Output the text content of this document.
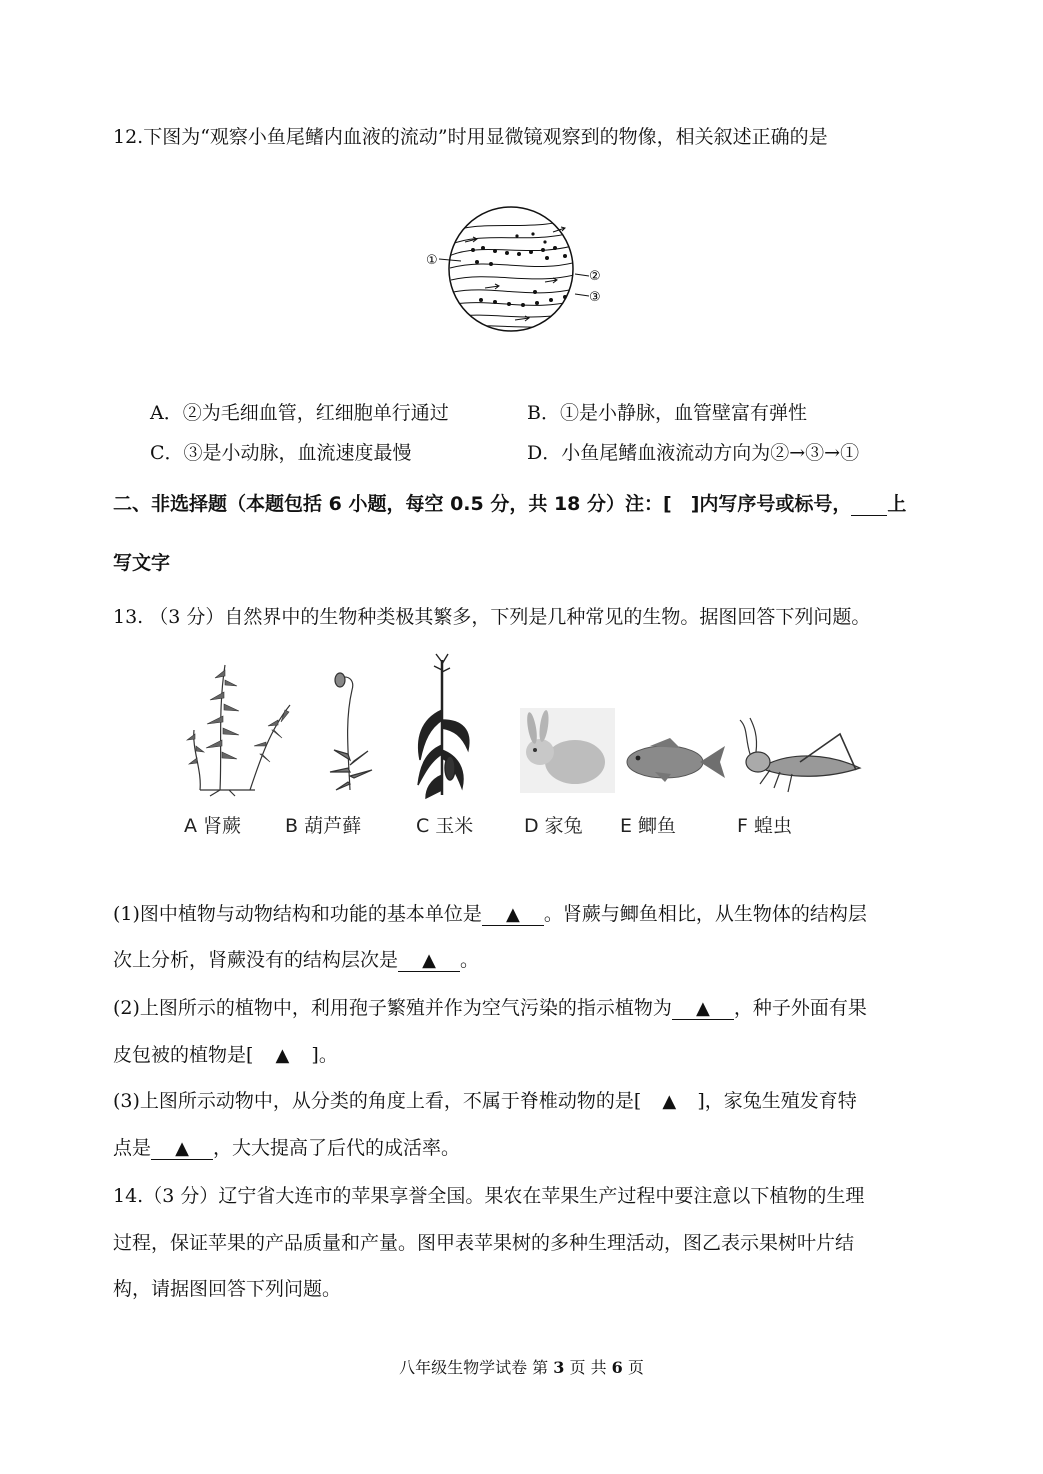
12.下图为“观察小鱼尾鳍内血液的流动”时用显微镜观察到的物像，相关叙述正确的是
①
②
③
A．②为毛细血管，红细胞单行通过	B．①是小静脉，血管壁富有弹性
C．③是小动脉，血流速度最慢	D．小鱼尾鳍血液流动方向为②→③→①
二、非选择题（本题包括 6 小题，每空 0.5 分，共 18 分）注：[　]内写序号或标号， 上
写文字
13. （3 分）自然界中的生物种类极其繁多，下列是几种常见的生物。据图回答下列问题。
A 肾蕨 B 葫芦藓	C 玉米	D 家兔 E 鲫鱼	F 蝗虫
(1)图中植物与动物结构和功能的基本单位是 ▲ 。肾蕨与鲫鱼相比，从生物体的结构层
次上分析，肾蕨没有的结构层次是 ▲ 。
(2)上图所示的植物中，利用孢子繁殖并作为空气污染的指示植物为 ▲ ，种子外面有果
皮包被的植物是[ ▲ ]。
(3)上图所示动物中，从分类的角度上看，不属于脊椎动物的是[ ▲ ]，家兔生殖发育特
点是 ▲ ，大大提高了后代的成活率。
14.（3 分）辽宁省大连市的苹果享誉全国。果农在苹果生产过程中要注意以下植物的生理
过程，保证苹果的产品质量和产量。图甲表苹果树的多种生理活动，图乙表示果树叶片结
构，请据图回答下列问题。
八年级生物学试卷 第 3 页 共 6 页
